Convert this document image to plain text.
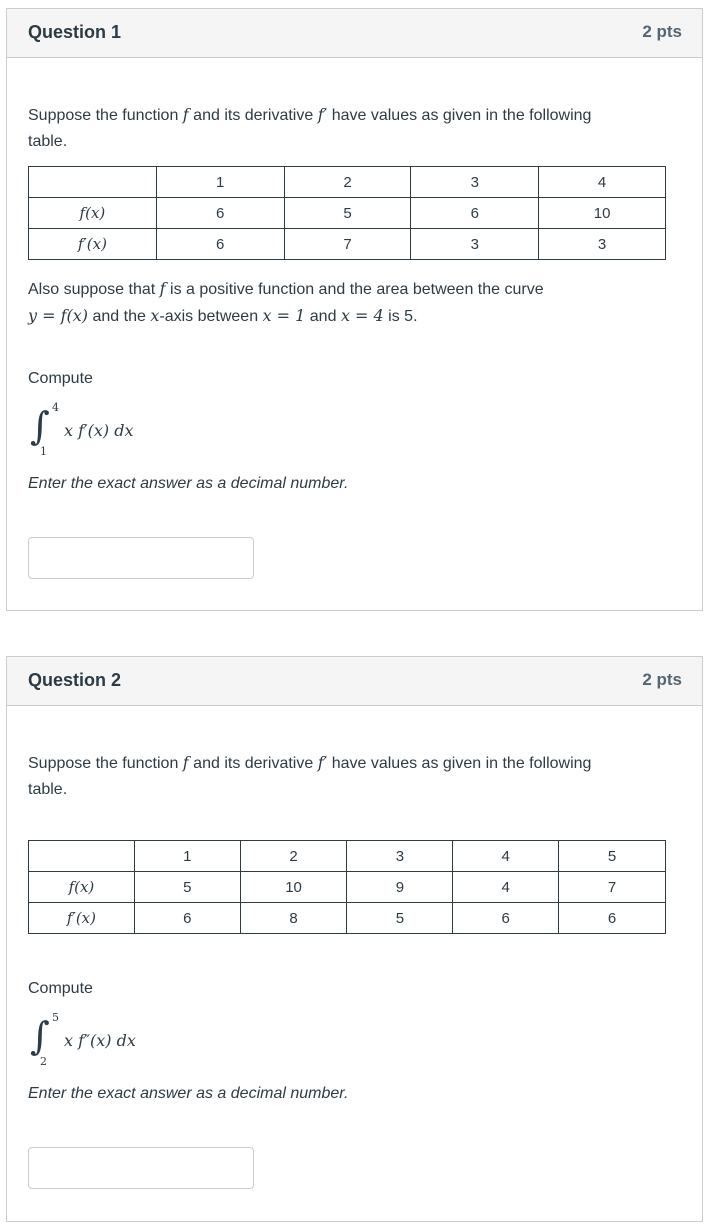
Question 1	2 pts
Suppose the function f and its derivative f′ have values as given in the following
table.
	1	2	3	4
f(x)	6	5	6	10
f′(x)	6	7	3	3
Also suppose that f is a positive function and the area between the curve
y = f(x) and the x-axis between x = 1 and x = 4 is 5.
Compute
∫ 4
1
x f′(x) dx
Enter the exact answer as a decimal number.
Question 2	2 pts
Suppose the function f and its derivative f′ have values as given in the following
table.
	1	2	3	4	5
f(x)	5	10	9	4	7
f′(x)	6	8	5	6	6
Compute
∫ 5
2
x f″(x) dx
Enter the exact answer as a decimal number.
